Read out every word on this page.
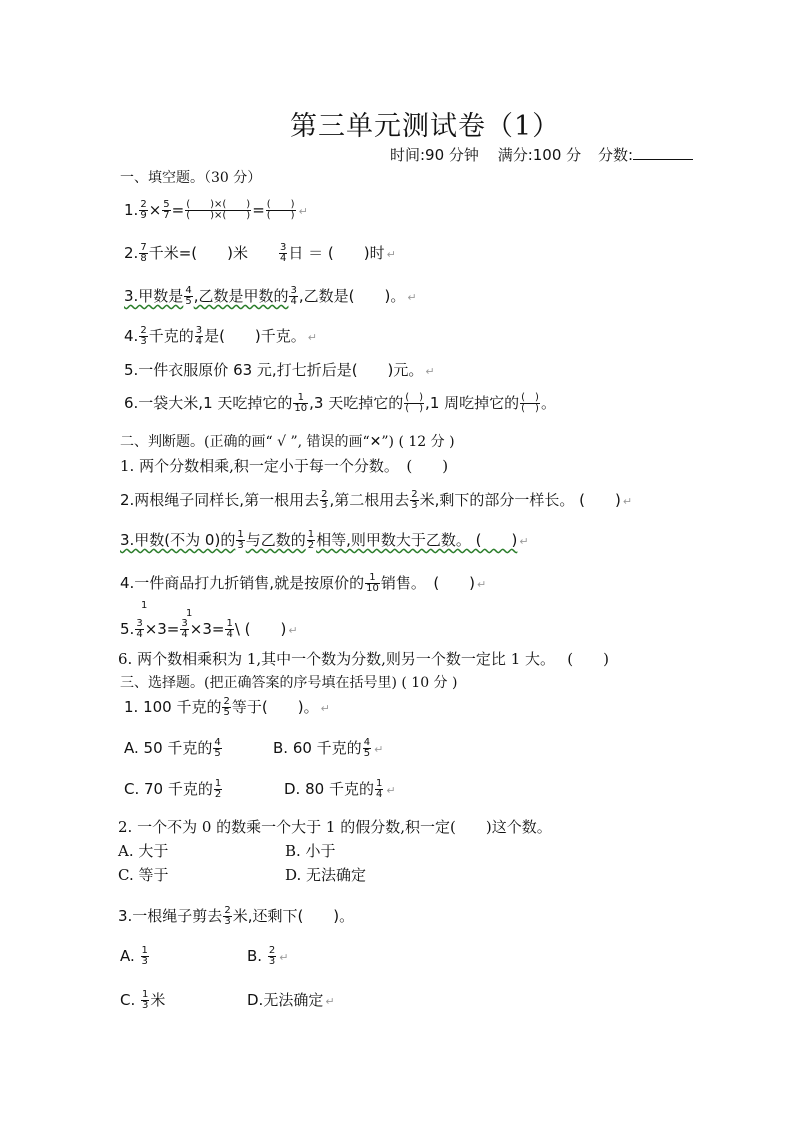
第三单元测试卷（1）
时间:90 分钟 满分:100 分 分数:
一、填空题。（30 分）
1. $\frac{2}{9} \times \frac{5}{7} = \frac{( )\times( )}{( )\times( )} = \frac{( )}{( )}$ ↵
2. $\frac{7}{8}$ 千米=(　　)米	$\frac{3}{4}$ 日 ＝ (　　)时 ↵
3.甲数是 $\frac{4}{5}$ ,乙数是甲数的 $\frac{3}{4}$ ,乙数是(　　)。 ↵
4. $\frac{2}{3}$ 千克的 $\frac{3}{4}$ 是(　　)千克。 ↵
5.一件衣服原价 63 元,打七折后是(　　)元。 ↵
6.一袋大米,1 天吃掉它的 $\frac{1}{10} ,3$ 天吃掉它的 $\frac{( )}{( )} ,1$ 周吃掉它的 $\frac{( )}{( )}$ 。
二、判断题。(正确的画“ √ ”, 错误的画“✕”) ( 12 分 )
1. 两个分数相乘,积一定小于每一个分数。　(　　)
2.两根绳子同样长,第一根用去 $\frac{2}{3}$ ,第二根用去 $\frac{2}{3}$ 米,剩下的部分一样长。 (　　) ↵
3.甲数(不为 0)的 $\frac{1}{3}$ 与乙数的 $\frac{1}{2}$ 相等,则甲数大于乙数。 (　　) ↵
4.一件商品打九折销售,就是按原价的 $\frac{1}{10}$ 销售。　(　　) ↵
5. $\frac{3}{4} \times 3= \frac{3}{4} \times 3= \frac{1}{4}$ \ (　　) ↵
1
1
6. 两个数相乘积为 1,其中一个数为分数,则另一个数一定比 1 大。　 (　　)
三、选择题。(把正确答案的序号填在括号里) ( 10 分 )
1. 100 千克的 $\frac{2}{5}$ 等于(　　)。 ↵
A. 50 千克的 $\frac{4}{5}$	B. 60 千克的 $\frac{4}{5}$ ↵
C. 70 千克的 $\frac{1}{2}$	D. 80 千克的 $\frac{1}{4}$ ↵
2. 一个不为 0 的数乘一个大于 1 的假分数,积一定(　　)这个数。
A. 大于	B. 小于
C. 等于	D. 无法确定
3.一根绳子剪去 $\frac{2}{3}$ 米,还剩下(　　)。
A. $\frac{1}{3}$	B. $\frac{2}{3}$ ↵
C. $\frac{1}{3}$ 米	D.无法确定 ↵
